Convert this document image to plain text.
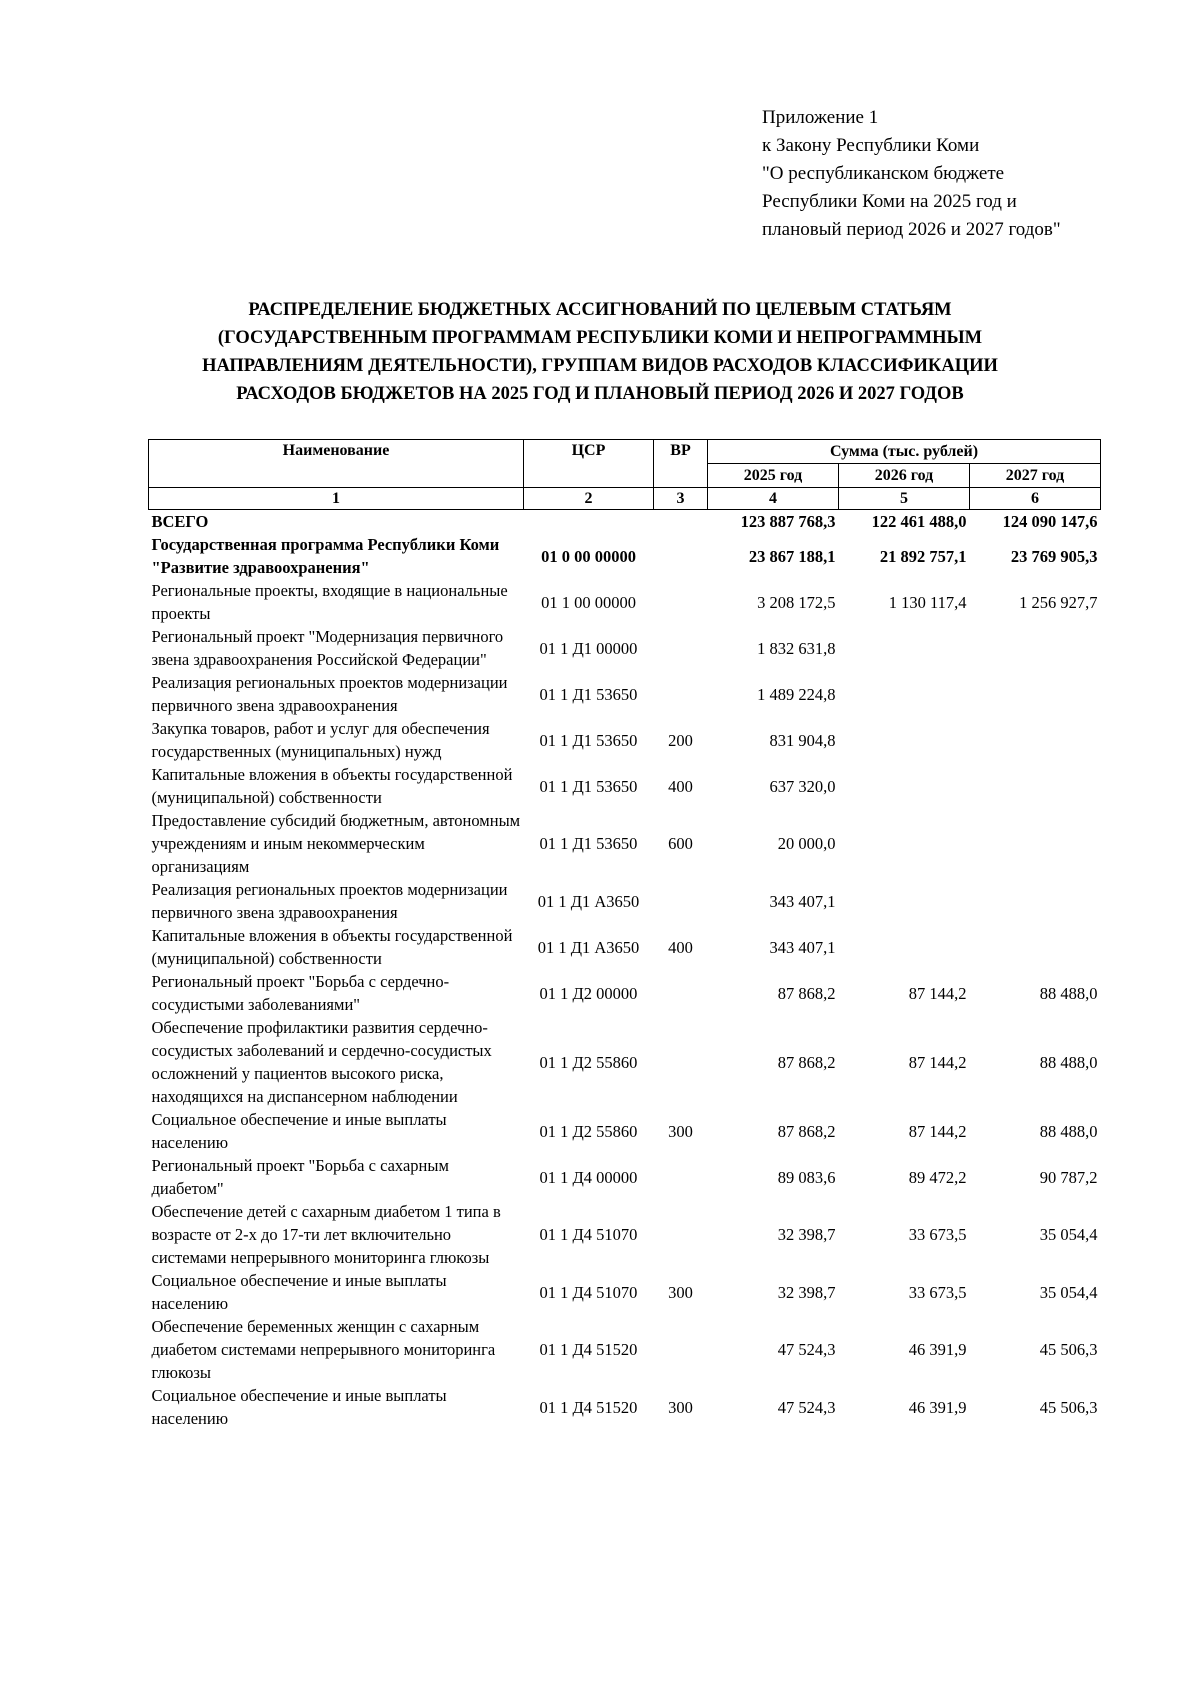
Приложение 1
к Закону Республики Коми
"О республиканском бюджете
Республики Коми на 2025 год и
плановый период 2026 и 2027 годов"
РАСПРЕДЕЛЕНИЕ БЮДЖЕТНЫХ АССИГНОВАНИЙ ПО ЦЕЛЕВЫМ СТАТЬЯМ
(ГОСУДАРСТВЕННЫМ ПРОГРАММАМ РЕСПУБЛИКИ КОМИ И НЕПРОГРАММНЫМ
НАПРАВЛЕНИЯМ ДЕЯТЕЛЬНОСТИ), ГРУППАМ ВИДОВ РАСХОДОВ КЛАССИФИКАЦИИ
РАСХОДОВ БЮДЖЕТОВ НА 2025 ГОД И ПЛАНОВЫЙ ПЕРИОД 2026 И 2027 ГОДОВ
Наименование	ЦСР	ВР	Сумма (тыс. рублей)		
			2025 год	2026 год	2027 год
1	2	3	4	5	6
ВСЕГО			123 887 768,3	122 461 488,0	124 090 147,6
Государственная программа Республики Коми "Развитие здравоохранения"	01 0 00 00000		23 867 188,1	21 892 757,1	23 769 905,3
Региональные проекты, входящие в национальные проекты	01 1 00 00000		3 208 172,5	1 130 117,4	1 256 927,7
Региональный проект "Модернизация первичного звена здравоохранения Российской Федерации"	01 1 Д1 00000		1 832 631,8		
Реализация региональных проектов модернизации первичного звена здравоохранения	01 1 Д1 53650		1 489 224,8		
Закупка товаров, работ и услуг для обеспечения государственных (муниципальных) нужд	01 1 Д1 53650	200	831 904,8		
Капитальные вложения в объекты государственной (муниципальной) собственности	01 1 Д1 53650	400	637 320,0		
Предоставление субсидий бюджетным, автономным учреждениям и иным некоммерческим организациям	01 1 Д1 53650	600	20 000,0		
Реализация региональных проектов модернизации первичного звена здравоохранения	01 1 Д1 А3650		343 407,1		
Капитальные вложения в объекты государственной (муниципальной) собственности	01 1 Д1 А3650	400	343 407,1		
Региональный проект "Борьба с сердечно-сосудистыми заболеваниями"	01 1 Д2 00000		87 868,2	87 144,2	88 488,0
Обеспечение профилактики развития сердечно-сосудистых заболеваний и сердечно-сосудистых осложнений у пациентов высокого риска, находящихся на диспансерном наблюдении	01 1 Д2 55860		87 868,2	87 144,2	88 488,0
Социальное обеспечение и иные выплаты населению	01 1 Д2 55860	300	87 868,2	87 144,2	88 488,0
Региональный проект "Борьба с сахарным диабетом"	01 1 Д4 00000		89 083,6	89 472,2	90 787,2
Обеспечение детей с сахарным диабетом 1 типа в возрасте от 2-х до 17-ти лет включительно системами непрерывного мониторинга глюкозы	01 1 Д4 51070		32 398,7	33 673,5	35 054,4
Социальное обеспечение и иные выплаты населению	01 1 Д4 51070	300	32 398,7	33 673,5	35 054,4
Обеспечение беременных женщин с сахарным диабетом системами непрерывного мониторинга глюкозы	01 1 Д4 51520		47 524,3	46 391,9	45 506,3
Социальное обеспечение и иные выплаты населению	01 1 Д4 51520	300	47 524,3	46 391,9	45 506,3
